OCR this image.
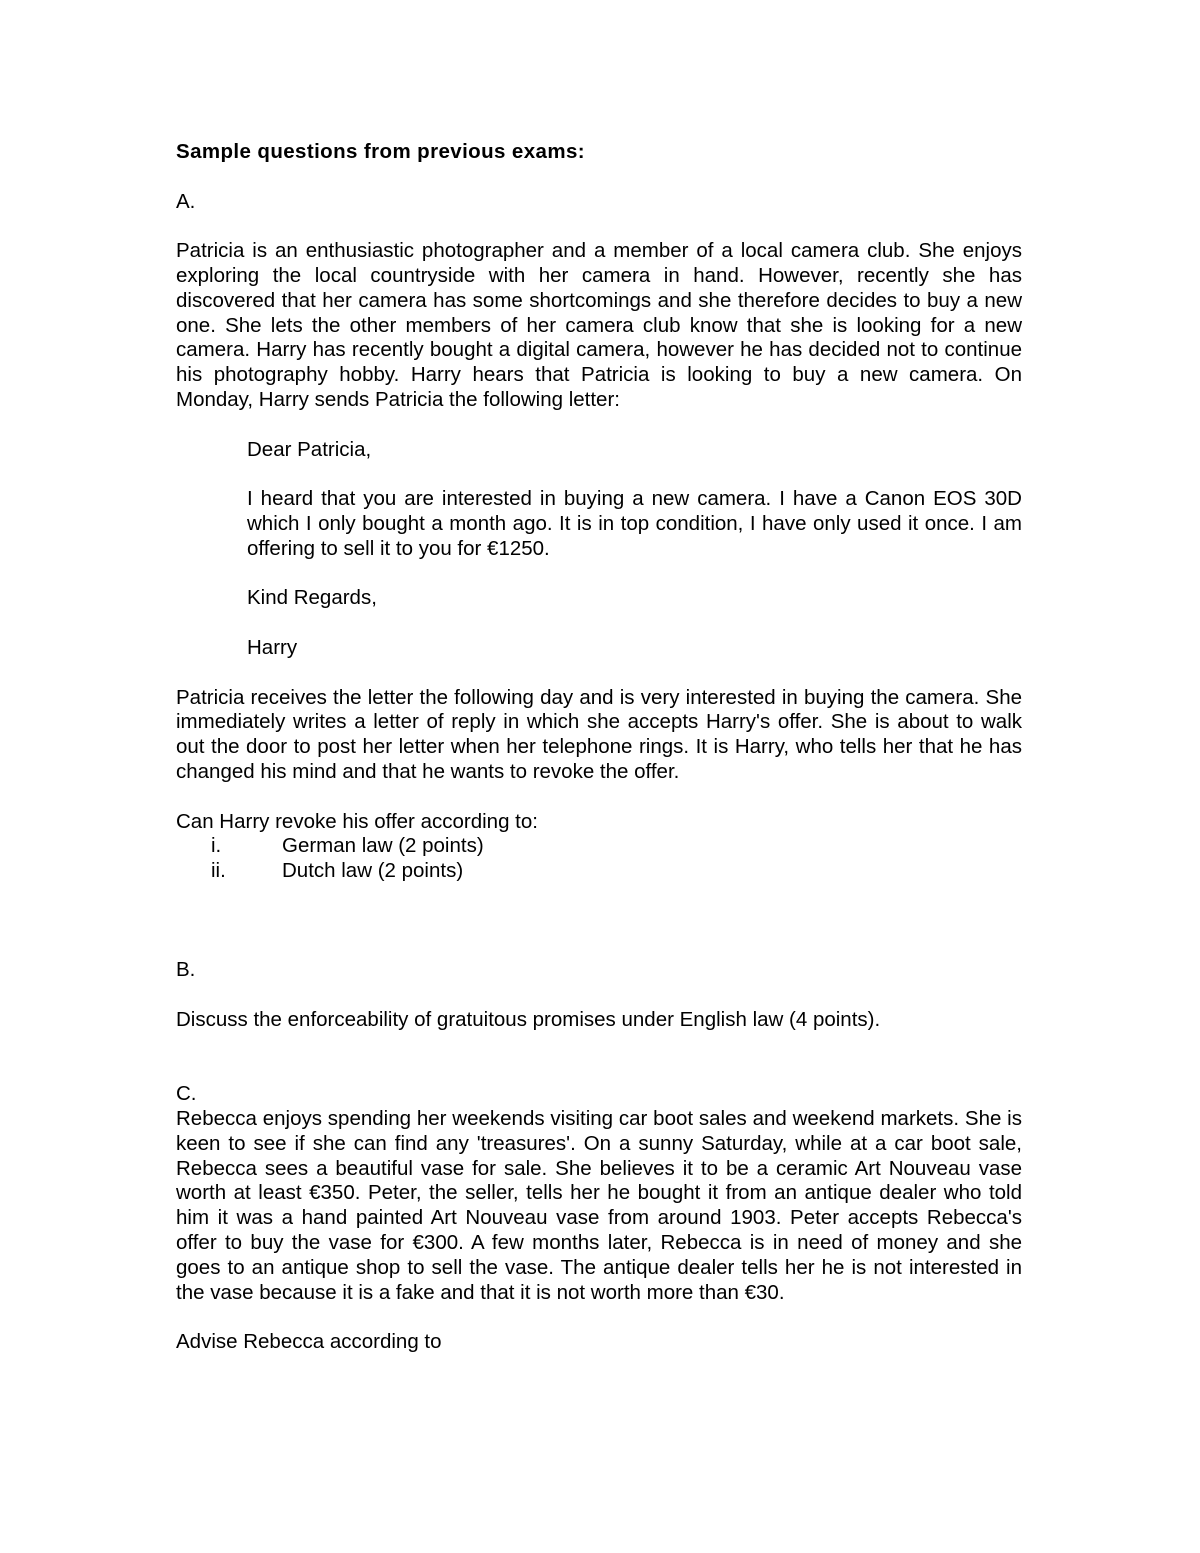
Sample questions from previous exams:

A.

Patricia is an enthusiastic photographer and a member of a local camera club. She enjoys exploring the local countryside with her camera in hand. However, recently she has discovered that her camera has some shortcomings and she therefore decides to buy a new one. She lets the other members of her camera club know that she is looking for a new camera. Harry has recently bought a digital camera, however he has decided not to continue his photography hobby. Harry hears that Patricia is looking to buy a new camera. On Monday, Harry sends Patricia the following letter:

Dear Patricia,

I heard that you are interested in buying a new camera. I have a Canon EOS 30D which I only bought a month ago. It is in top condition, I have only used it once. I am offering to sell it to you for €1250.

Kind Regards,

Harry

Patricia receives the letter the following day and is very interested in buying the camera. She immediately writes a letter of reply in which she accepts Harry's offer. She is about to walk out the door to post her letter when her telephone rings. It is Harry, who tells her that he has changed his mind and that he wants to revoke the offer.

Can Harry revoke his offer according to:

i.	German law (2 points)
ii.	Dutch law (2 points)

B.

Discuss the enforceability of gratuitous promises under English law (4 points).

C.

Rebecca enjoys spending her weekends visiting car boot sales and weekend markets. She is keen to see if she can find any 'treasures'. On a sunny Saturday, while at a car boot sale, Rebecca sees a beautiful vase for sale. She believes it to be a ceramic Art Nouveau vase worth at least €350. Peter, the seller, tells her he bought it from an antique dealer who told him it was a hand painted Art Nouveau vase from around 1903. Peter accepts Rebecca's offer to buy the vase for €300. A few months later, Rebecca is in need of money and she goes to an antique shop to sell the vase. The antique dealer tells her he is not interested in the vase because it is a fake and that it is not worth more than €30.

Advise Rebecca according to
